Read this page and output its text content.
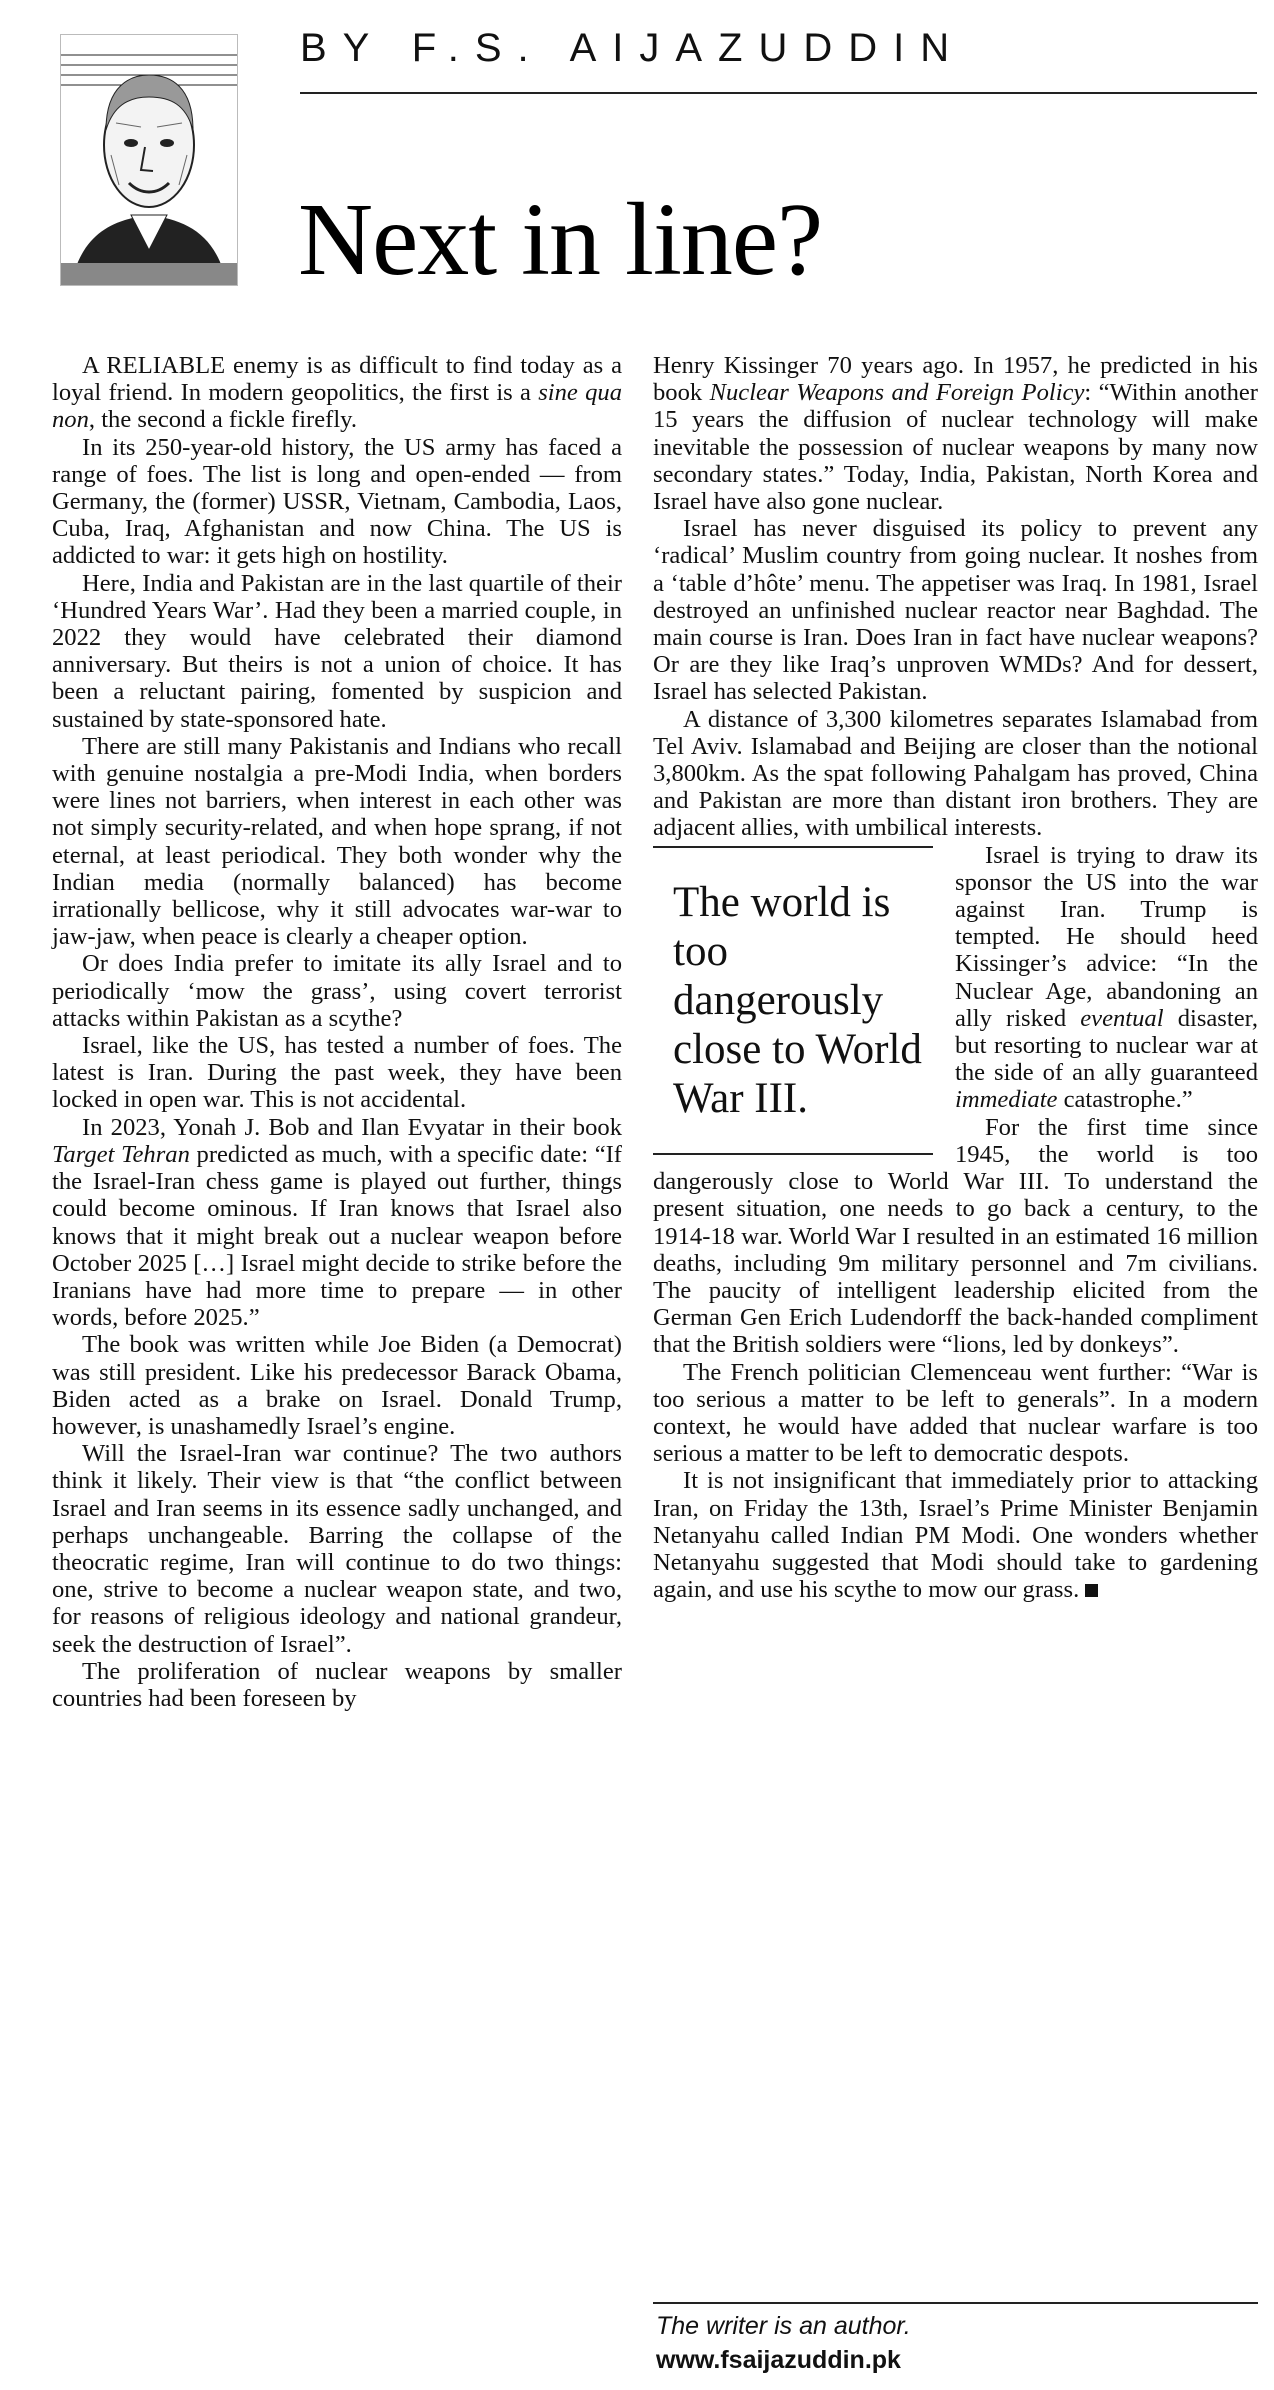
BY F.S. AIJAZUDDIN
Next in line?

A RELIABLE enemy is as difficult to find today as a loyal friend. In modern geopolitics, the first is a sine qua non, the second a fickle firefly.

In its 250-year-old history, the US army has faced a range of foes. The list is long and open-ended — from Germany, the (former) USSR, Vietnam, Cambodia, Laos, Cuba, Iraq, Afghanistan and now China. The US is addicted to war: it gets high on hostility.

Here, India and Pakistan are in the last quartile of their ‘Hundred Years War’. Had they been a married couple, in 2022 they would have celebrated their diamond anniversary. But theirs is not a union of choice. It has been a reluctant pairing, fomented by suspicion and sustained by state-sponsored hate.

There are still many Pakistanis and Indians who recall with genuine nostalgia a pre-Modi India, when borders were lines not barriers, when interest in each other was not simply security-related, and when hope sprang, if not eternal, at least periodical. They both wonder why the Indian media (normally balanced) has become irrationally bellicose, why it still advocates war-war to jaw-jaw, when peace is clearly a cheaper option.

Or does India prefer to imitate its ally Israel and to periodically ‘mow the grass’, using covert terrorist attacks within Pakistan as a scythe?

Israel, like the US, has tested a number of foes. The latest is Iran. During the past week, they have been locked in open war. This is not accidental.

In 2023, Yonah J. Bob and Ilan Evyatar in their book Target Tehran predicted as much, with a specific date: “If the Israel-Iran chess game is played out further, things could become ominous. If Iran knows that Israel also knows that it might break out a nuclear weapon before October 2025 […] Israel might decide to strike before the Iranians have had more time to prepare — in other words, before 2025.”

The book was written while Joe Biden (a Democrat) was still president. Like his predecessor Barack Obama, Biden acted as a brake on Israel. Donald Trump, however, is unashamedly Israel’s engine.

Will the Israel-Iran war continue? The two authors think it likely. Their view is that “the conflict between Israel and Iran seems in its essence sadly unchanged, and perhaps unchangeable. Barring the collapse of the theocratic regime, Iran will continue to do two things: one, strive to become a nuclear weapon state, and two, for reasons of religious ideology and national grandeur, seek the destruction of Israel”.

The proliferation of nuclear weapons by smaller countries had been foreseen by

Henry Kissinger 70 years ago. In 1957, he predicted in his book Nuclear Weapons and Foreign Policy: “Within another 15 years the diffusion of nuclear technology will make inevitable the possession of nuclear weapons by many now secondary states.” Today, India, Pakistan, North Korea and Israel have also gone nuclear.

Israel has never disguised its policy to prevent any ‘radical’ Muslim country from going nuclear. It noshes from a ‘table d’hôte’ menu. The appetiser was Iraq. In 1981, Israel destroyed an unfinished nuclear reactor near Baghdad. The main course is Iran. Does Iran in fact have nuclear weapons? Or are they like Iraq’s unproven WMDs? And for dessert, Israel has selected Pakistan.

A distance of 3,300 kilometres separates Islamabad from Tel Aviv. Islamabad and Beijing are closer than the notional 3,800km. As the spat following Pahalgam has proved, China and Pakistan are more than distant iron brothers. They are adjacent allies, with umbilical interests.

The world is too dangerously close to World War III.

Israel is trying to draw its sponsor the US into the war against Iran. Trump is tempted. He should heed Kissinger’s advice: “In the Nuclear Age, abandoning an ally risked eventual disaster, but resorting to nuclear war at the side of an ally guaranteed immediate catastrophe.”

For the first time since 1945, the world is too dangerously close to World War III. To understand the present situation, one needs to go back a century, to the 1914-18 war. World War I resulted in an estimated 16 million deaths, including 9m military personnel and 7m civilians. The paucity of intelligent leadership elicited from the German Gen Erich Ludendorff the back-handed compliment that the British soldiers were “lions, led by donkeys”.

The French politician Clemenceau went further: “War is too serious a matter to be left to generals”. In a modern context, he would have added that nuclear warfare is too serious a matter to be left to democratic despots.

It is not insignificant that immediately prior to attacking Iran, on Friday the 13th, Israel’s Prime Minister Benjamin Netanyahu called Indian PM Modi. One wonders whether Netanyahu suggested that Modi should take to gardening again, and use his scythe to mow our grass.

The writer is an author.
www.fsaijazuddin.pk
